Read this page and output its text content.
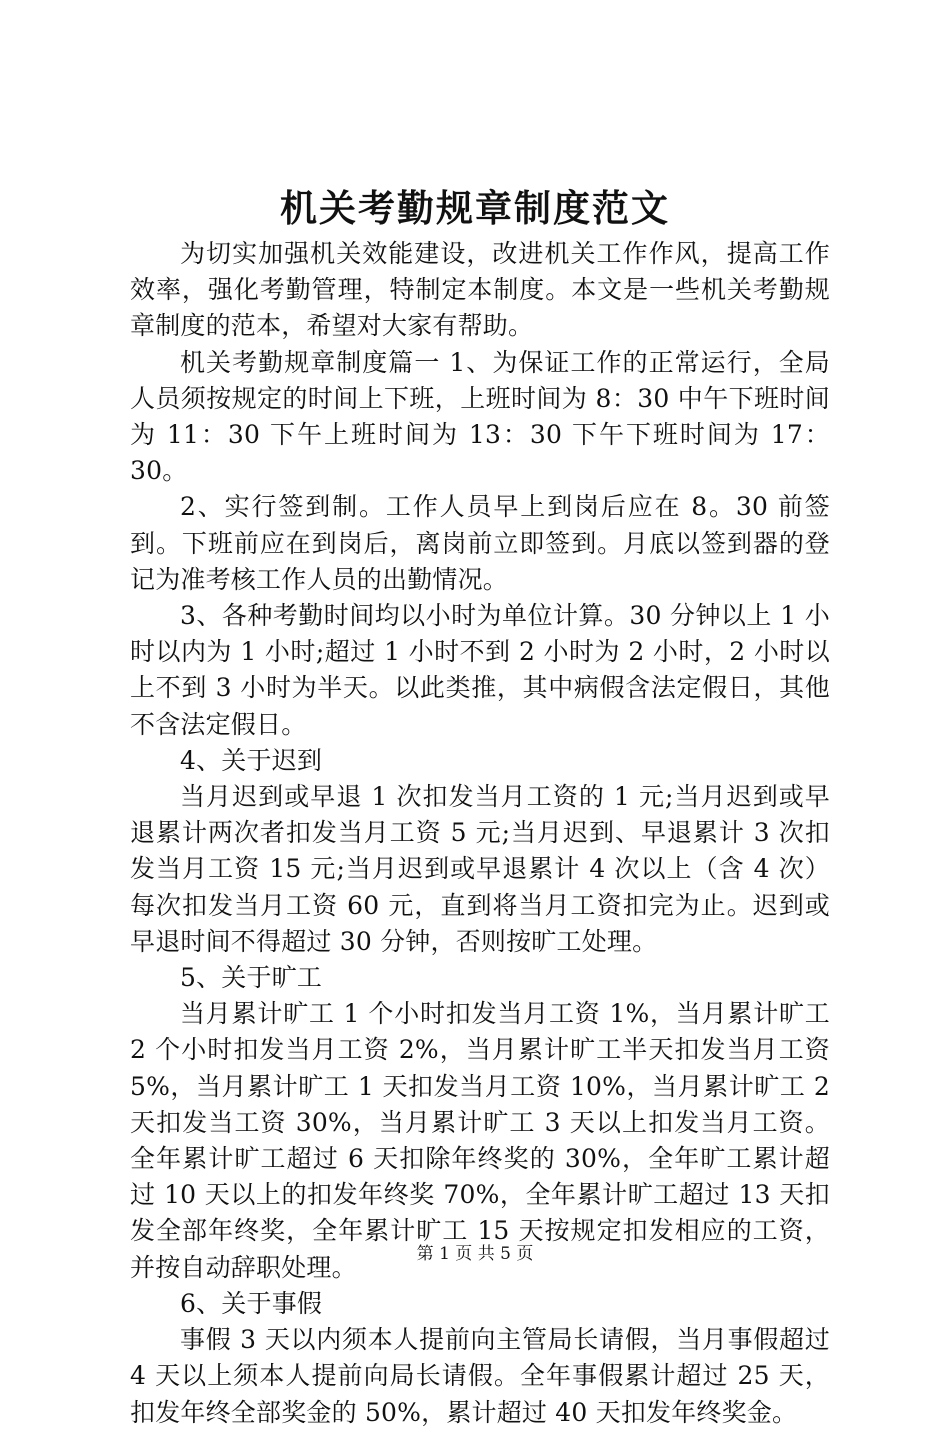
机关考勤规章制度范文

为切实加强机关效能建设，改进机关工作作风，提高工作效率，强化考勤管理，特制定本制度。本文是一些机关考勤规章制度的范本，希望对大家有帮助。

机关考勤规章制度篇一 1、为保证工作的正常运行，全局人员须按规定的时间上下班，上班时间为 8：30 中午下班时间为 11：30 下午上班时间为 13：30 下午下班时间为 17：30。

2、实行签到制。工作人员早上到岗后应在 8。30 前签到。下班前应在到岗后，离岗前立即签到。月底以签到器的登记为准考核工作人员的出勤情况。

3、各种考勤时间均以小时为单位计算。30 分钟以上 1 小时以内为 1 小时;超过 1 小时不到 2 小时为 2 小时，2 小时以上不到 3 小时为半天。以此类推，其中病假含法定假日，其他不含法定假日。

4、关于迟到

当月迟到或早退 1 次扣发当月工资的 1 元;当月迟到或早退累计两次者扣发当月工资 5 元;当月迟到、早退累计 3 次扣发当月工资 15 元;当月迟到或早退累计 4 次以上（含 4 次）每次扣发当月工资 60 元，直到将当月工资扣完为止。迟到或早退时间不得超过 30 分钟，否则按旷工处理。

5、关于旷工

当月累计旷工 1 个小时扣发当月工资 1%，当月累计旷工 2 个小时扣发当月工资 2%，当月累计旷工半天扣发当月工资 5%，当月累计旷工 1 天扣发当月工资 10%，当月累计旷工 2 天扣发当工资 30%，当月累计旷工 3 天以上扣发当月工资。全年累计旷工超过 6 天扣除年终奖的 30%，全年旷工累计超过 10 天以上的扣发年终奖 70%，全年累计旷工超过 13 天扣发全部年终奖，全年累计旷工 15 天按规定扣发相应的工资，并按自动辞职处理。

6、关于事假

事假 3 天以内须本人提前向主管局长请假，当月事假超过 4 天以上须本人提前向局长请假。全年事假累计超过 25 天，扣发年终全部奖金的 50%，累计超过 40 天扣发年终奖金。

第 1 页 共 5 页
